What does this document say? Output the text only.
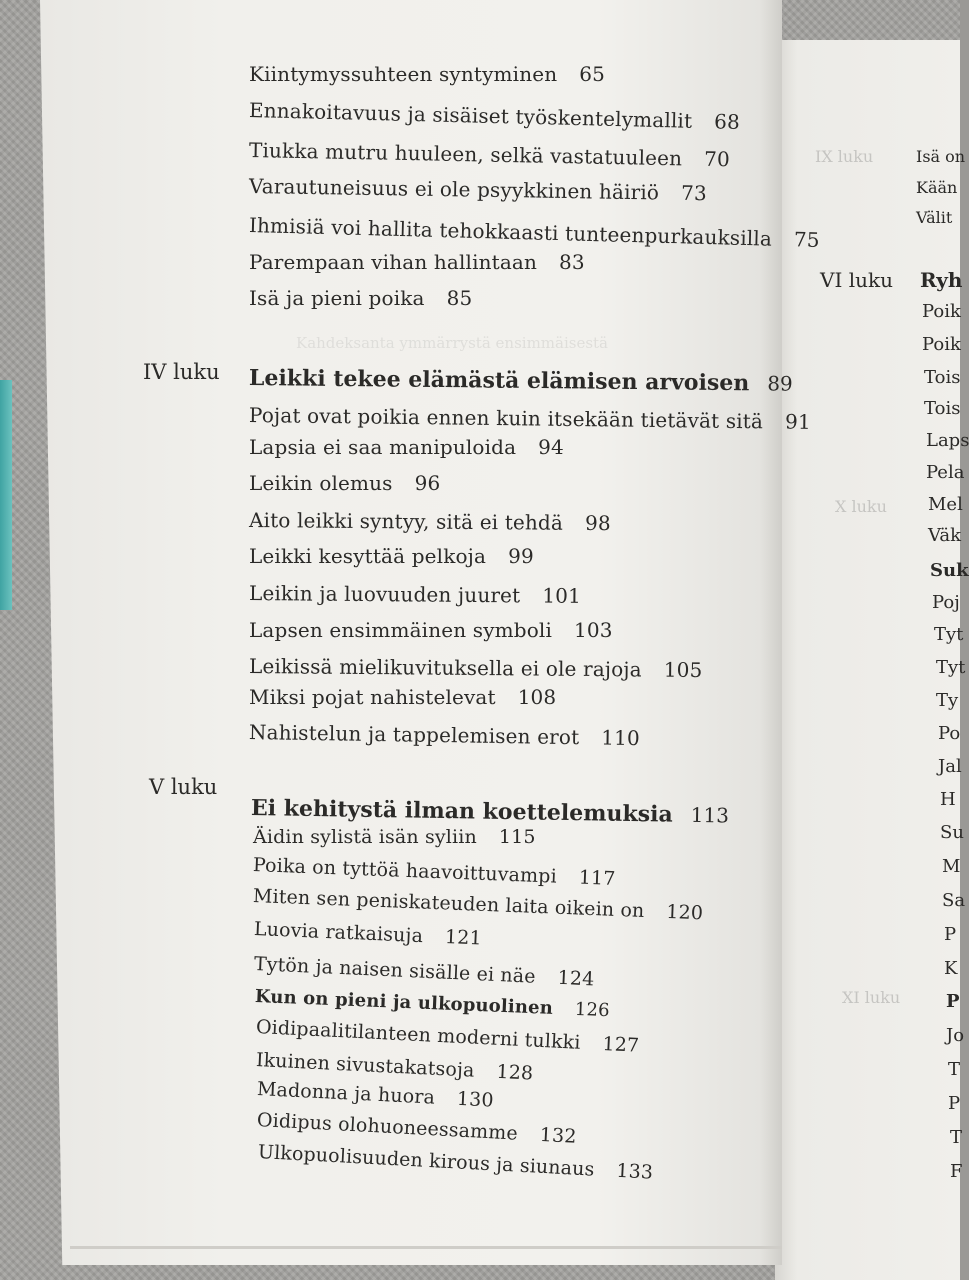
Kahdeksanta ymmärrystä ensimmäisestä
Kiintymyssuhteen syntyminen 65
Ennakoitavuus ja sisäiset työskentelymallit 68
Tiukka mutru huuleen, selkä vastatuuleen 70
Varautuneisuus ei ole psyykkinen häiriö 73
Ihmisiä voi hallita tehokkaasti tunteenpurkauksilla 75
Parempaan vihan hallintaan 83
Isä ja pieni poika 85
IV luku Leikki tekee elämästä elämisen arvoisen 89
Pojat ovat poikia ennen kuin itsekään tietävät sitä 91
Lapsia ei saa manipuloida 94
Leikin olemus 96
Aito leikki syntyy, sitä ei tehdä 98
Leikki kesyttää pelkoja 99
Leikin ja luovuuden juuret 101
Lapsen ensimmäinen symboli 103
Leikissä mielikuvituksella ei ole rajoja 105
Miksi pojat nahistelevat 108
Nahistelun ja tappelemisen erot 110
V luku
Ei kehitystä ilman koettelemuksia 113
Äidin sylistä isän syliin 115
Poika on tyttöä haavoittuvampi 117
Miten sen peniskateuden laita oikein on 120
Luovia ratkaisuja 121
Tytön ja naisen sisälle ei näe 124
Kun on pieni ja ulkopuolinen 126
Oidipaalitilanteen moderni tulkki 127
Ikuinen sivustakatsoja 128
Madonna ja huora 130
Oidipus olohuoneessamme 132
Ulkopuolisuuden kirous ja siunaus 133
IX luku
X luku
XI luku
Isä on
Kään
Välit
VI luku Ryh
Poik
Poik
Tois
Tois
Laps
Pela
Mel
Väk
Suk
Poj
Tyt
Tyt
Ty
Po
Jal
H
Su
M
Sa
P
K
P
Jo
T
P
T
F
